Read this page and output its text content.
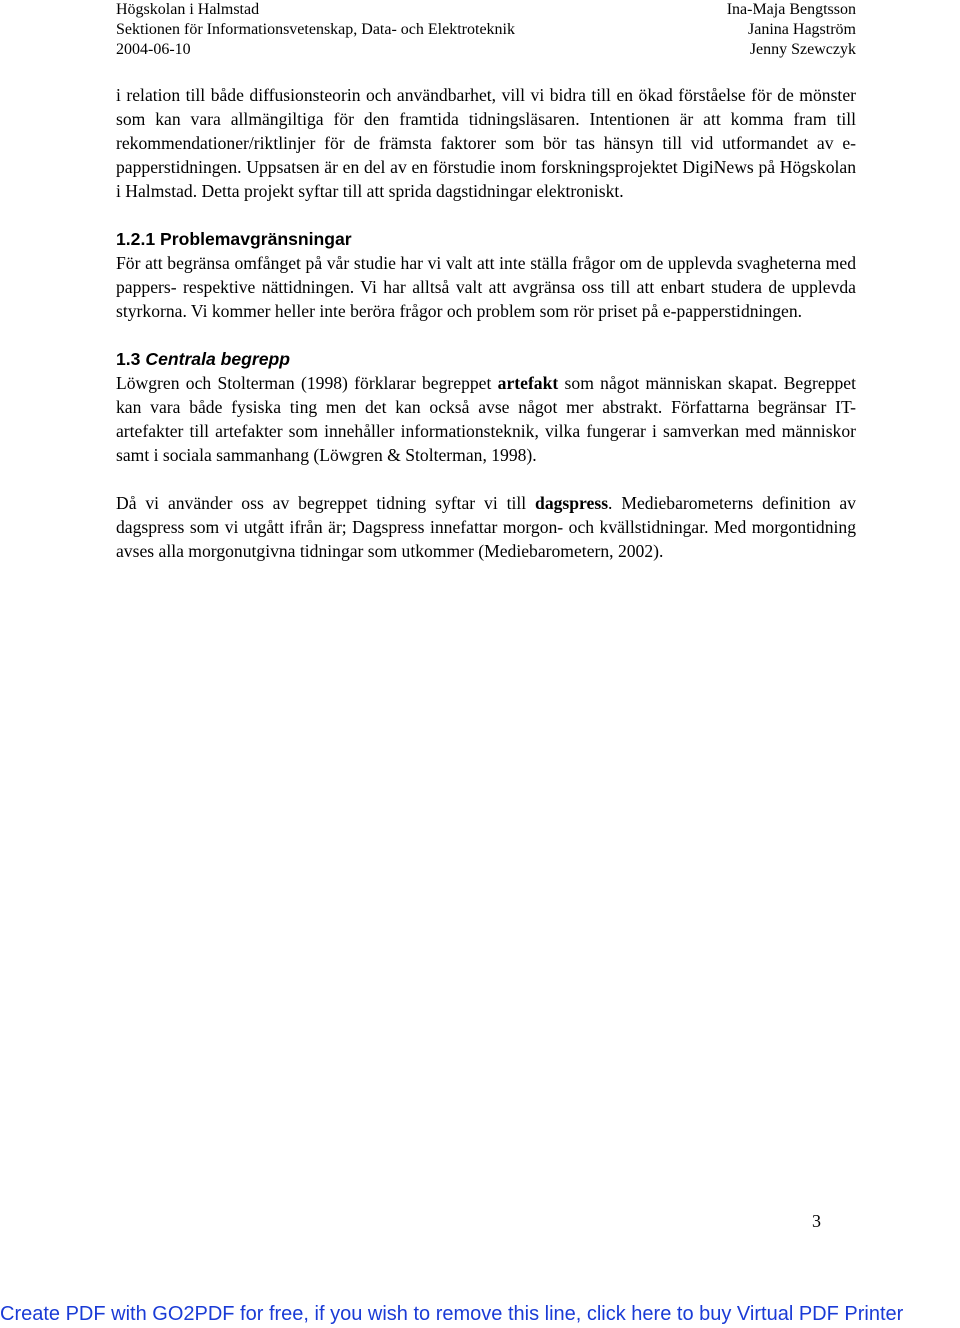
Högskolan i Halmstad	Ina-Maja Bengtsson
Sektionen för Informationsvetenskap, Data- och Elektroteknik	Janina Hagström
2004-06-10	Jenny Szewczyk

i relation till både diffusionsteorin och användbarhet, vill vi bidra till en ökad förståelse för de mönster som kan vara allmängiltiga för den framtida tidningsläsaren. Intentionen är att komma fram till rekommendationer/riktlinjer för de främsta faktorer som bör tas hänsyn till vid utformandet av e-papperstidningen. Uppsatsen är en del av en förstudie inom forskningsprojektet DigiNews på Högskolan i Halmstad. Detta projekt syftar till att sprida dagstidningar elektroniskt.

1.2.1 Problemavgränsningar

För att begränsa omfånget på vår studie har vi valt att inte ställa frågor om de upplevda svagheterna med pappers- respektive nättidningen. Vi har alltså valt att avgränsa oss till att enbart studera de upplevda styrkorna. Vi kommer heller inte beröra frågor och problem som rör priset på e-papperstidningen.

1.3 Centrala begrepp

Löwgren och Stolterman (1998) förklarar begreppet artefakt som något människan skapat. Begreppet kan vara både fysiska ting men det kan också avse något mer abstrakt. Författarna begränsar IT-artefakter till artefakter som innehåller informationsteknik, vilka fungerar i samverkan med människor samt i sociala sammanhang (Löwgren & Stolterman, 1998).

Då vi använder oss av begreppet tidning syftar vi till dagspress. Mediebarometerns definition av dagspress som vi utgått ifrån är; Dagspress innefattar morgon- och kvällstidningar. Med morgontidning avses alla morgonutgivna tidningar som utkommer (Mediebarometern, 2002).

3
Create PDF with GO2PDF for free, if you wish to remove this line, click here to buy Virtual PDF Printer
